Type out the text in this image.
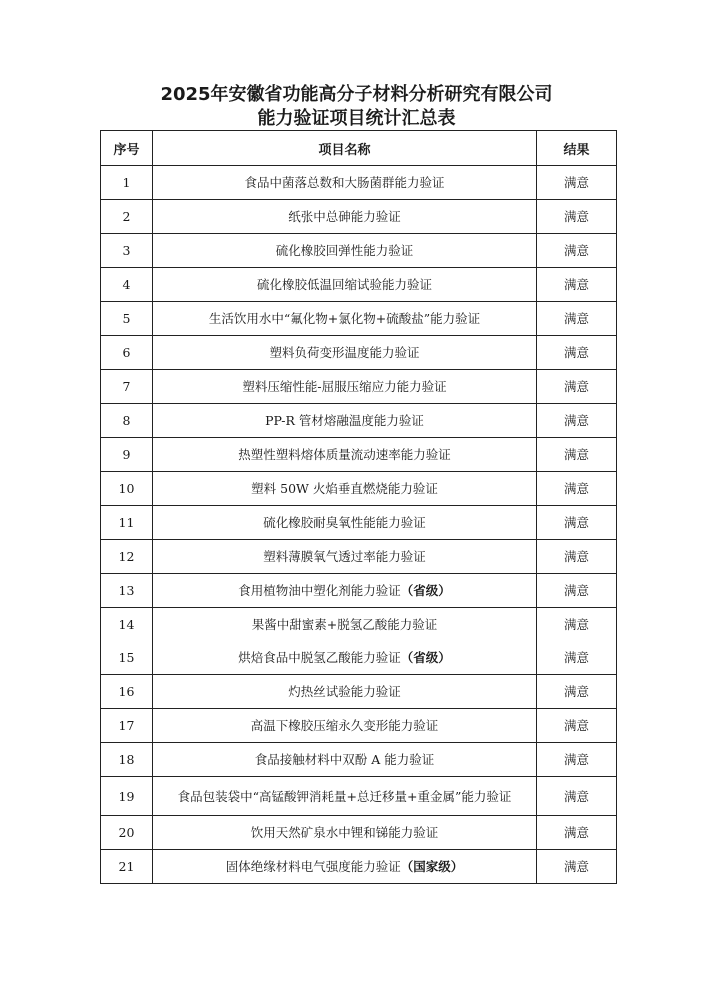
2025年安徽省功能高分子材料分析研究有限公司
能力验证项目统计汇总表
序号	项目名称	结果
1	食品中菌落总数和大肠菌群能力验证	满意
2	纸张中总砷能力验证	满意
3	硫化橡胶回弹性能力验证	满意
4	硫化橡胶低温回缩试验能力验证	满意
5	生活饮用水中“氟化物+氯化物+硫酸盐”能力验证	满意
6	塑料负荷变形温度能力验证	满意
7	塑料压缩性能-屈服压缩应力能力验证	满意
8	PP-R 管材熔融温度能力验证	满意
9	热塑性塑料熔体质量流动速率能力验证	满意
10	塑料 50W 火焰垂直燃烧能力验证	满意
11	硫化橡胶耐臭氧性能能力验证	满意
12	塑料薄膜氧气透过率能力验证	满意
13	食用植物油中塑化剂能力验证（省级）	满意
14	果酱中甜蜜素+脱氢乙酸能力验证	满意
15	烘焙食品中脱氢乙酸能力验证（省级）	满意
16	灼热丝试验能力验证	满意
17	高温下橡胶压缩永久变形能力验证	满意
18	食品接触材料中双酚 A 能力验证	满意
19	食品包装袋中“高锰酸钾消耗量+总迁移量+重金属”能力验证	满意
20	饮用天然矿泉水中锂和锑能力验证	满意
21	固体绝缘材料电气强度能力验证（国家级）	满意
